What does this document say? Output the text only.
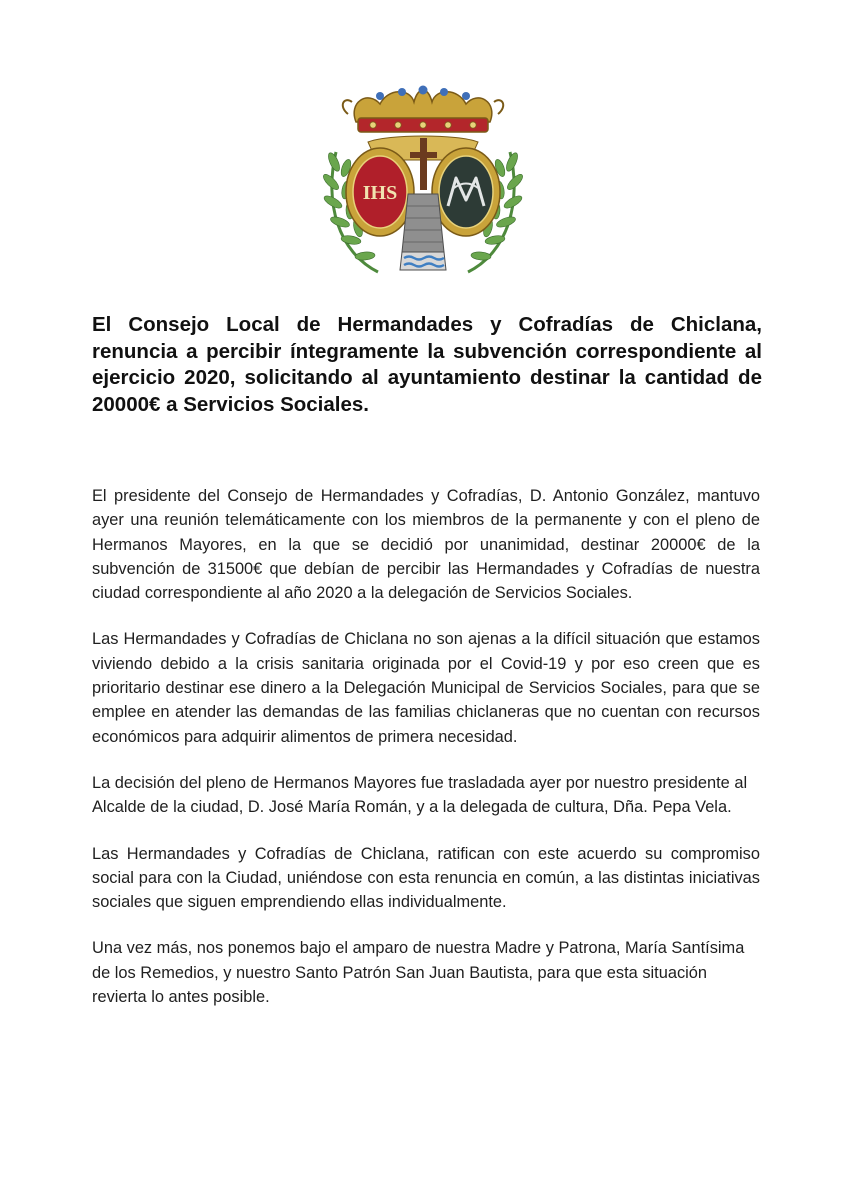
IHS

El Consejo Local de Hermandades y Cofradías de Chiclana, renuncia a percibir íntegramente la subvención correspondiente al ejercicio 2020, solicitando al ayuntamiento destinar la cantidad de 20000€ a Servicios Sociales.

El presidente del Consejo de Hermandades y Cofradías, D. Antonio González, mantuvo ayer una reunión telemáticamente con los miembros de la permanente y con el pleno de Hermanos Mayores, en la que se decidió por unanimidad, destinar 20000€ de la subvención de 31500€ que debían de percibir las Hermandades y Cofradías de nuestra ciudad correspondiente al año 2020 a la delegación de Servicios Sociales.

Las Hermandades y Cofradías de Chiclana no son ajenas a la difícil situación que estamos viviendo debido a la crisis sanitaria originada por el Covid-19 y por eso creen que es prioritario destinar ese dinero a la Delegación Municipal de Servicios Sociales, para que se emplee en atender las demandas de las familias chiclaneras que no cuentan con recursos económicos para adquirir alimentos de primera necesidad.

La decisión del pleno de Hermanos Mayores fue trasladada ayer por nuestro presidente al Alcalde de la ciudad, D. José María Román, y a la delegada de cultura, Dña. Pepa Vela.

Las Hermandades y Cofradías de Chiclana, ratifican con este acuerdo su compromiso social para con la Ciudad, uniéndose con esta renuncia en común, a las distintas iniciativas sociales que siguen emprendiendo ellas individualmente.

Una vez más, nos ponemos bajo el amparo de nuestra Madre y Patrona, María Santísima de los Remedios, y nuestro Santo Patrón San Juan Bautista, para que esta situación revierta lo antes posible.
